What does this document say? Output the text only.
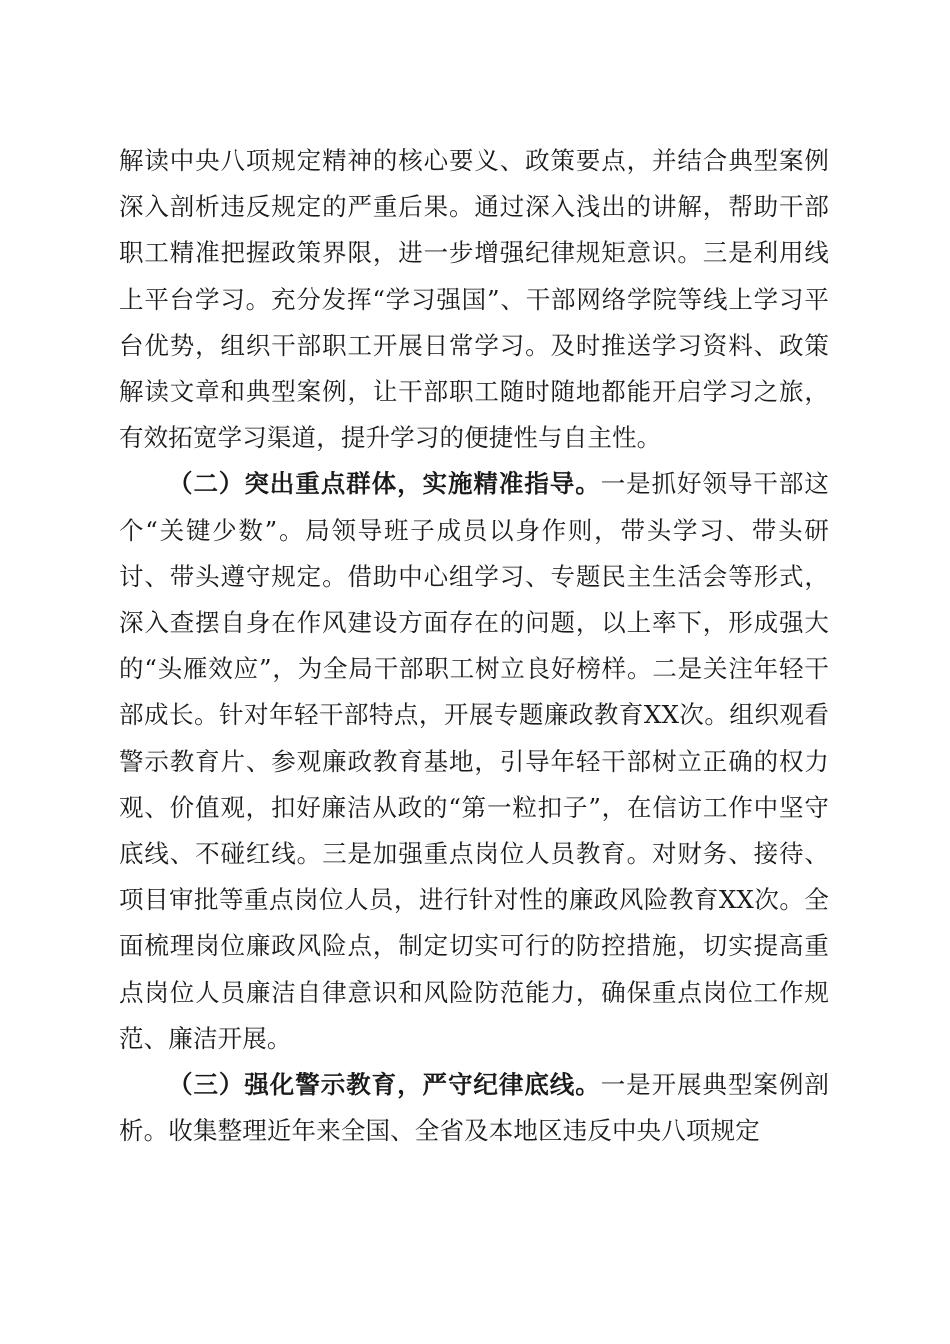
解读中央八项规定精神的核心要义、政策要点，并结合典型案例深入剖析违反规定的严重后果。通过深入浅出的讲解，帮助干部职工精准把握政策界限，进一步增强纪律规矩意识。三是利用线上平台学习。充分发挥“学习强国”、干部网络学院等线上学习平台优势，组织干部职工开展日常学习。及时推送学习资料、政策解读文章和典型案例，让干部职工随时随地都能开启学习之旅，有效拓宽学习渠道，提升学习的便捷性与自主性。

（二）突出重点群体，实施精准指导。一是抓好领导干部这个“关键少数”。局领导班子成员以身作则，带头学习、带头研讨、带头遵守规定。借助中心组学习、专题民主生活会等形式，深入查摆自身在作风建设方面存在的问题，以上率下，形成强大的“头雁效应”，为全局干部职工树立良好榜样。二是关注年轻干部成长。针对年轻干部特点，开展专题廉政教育XX次。组织观看警示教育片、参观廉政教育基地，引导年轻干部树立正确的权力观、价值观，扣好廉洁从政的“第一粒扣子”，在信访工作中坚守底线、不碰红线。三是加强重点岗位人员教育。对财务、接待、项目审批等重点岗位人员，进行针对性的廉政风险教育XX次。全面梳理岗位廉政风险点，制定切实可行的防控措施，切实提高重点岗位人员廉洁自律意识和风险防范能力，确保重点岗位工作规范、廉洁开展。

（三）强化警示教育，严守纪律底线。一是开展典型案例剖析。收集整理近年来全国、全省及本地区违反中央八项规定
